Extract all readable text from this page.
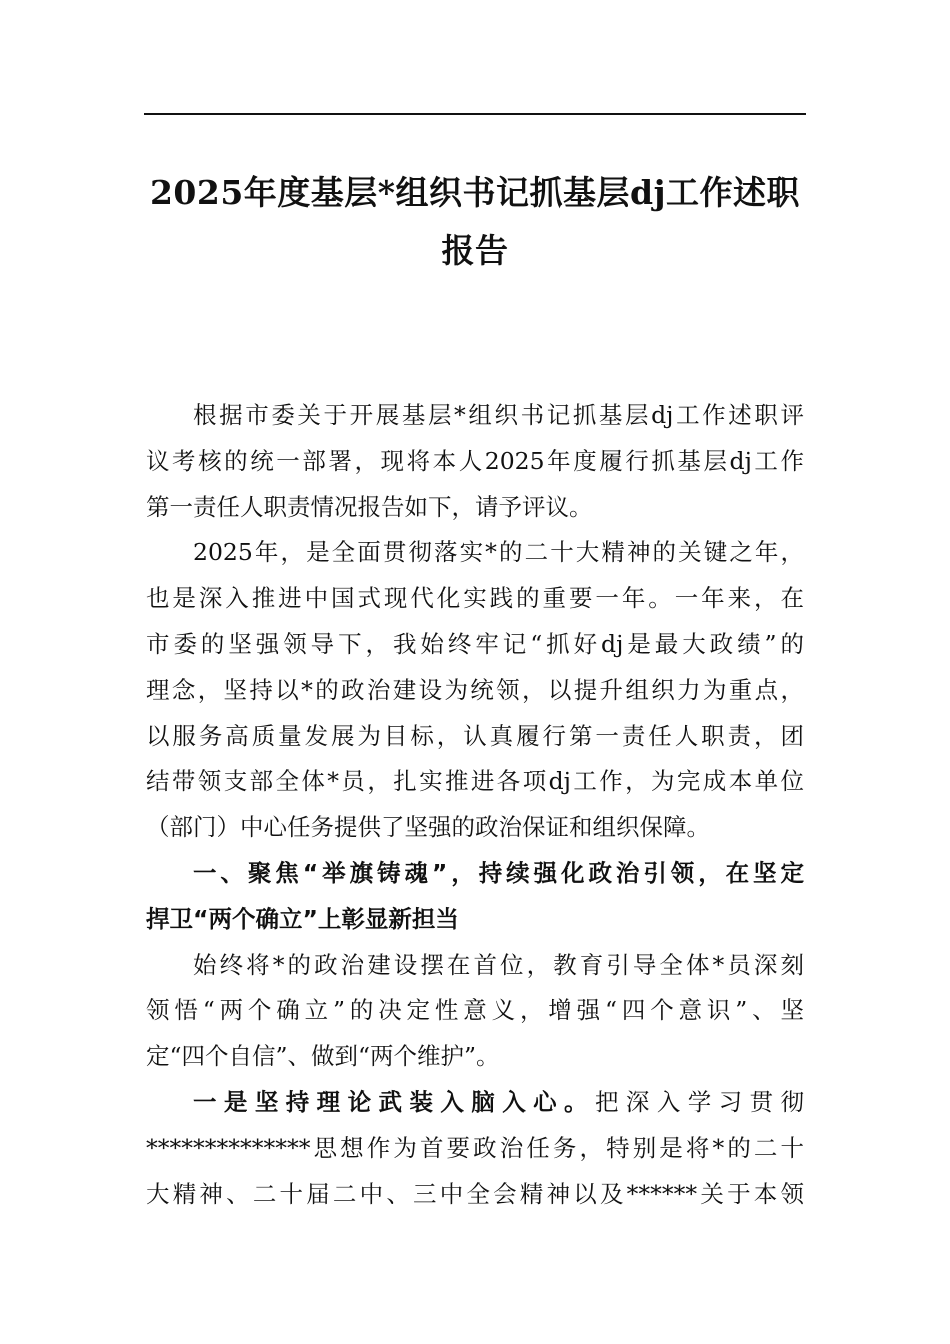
2025年度基层*组织书记抓基层dj工作述职
报告
根据市委关于开展基层*组织书记抓基层dj工作述职评
议考核的统一部署，现将本人2025年度履行抓基层dj工作
第一责任人职责情况报告如下，请予评议。
2025年，是全面贯彻落实*的二十大精神的关键之年，
也是深入推进中国式现代化实践的重要一年。一年来，在
市委的坚强领导下，我始终牢记“抓好dj是最大政绩”的
理念，坚持以*的政治建设为统领，以提升组织力为重点，
以服务高质量发展为目标，认真履行第一责任人职责，团
结带领支部全体*员，扎实推进各项dj工作，为完成本单位
（部门）中心任务提供了坚强的政治保证和组织保障。
一、聚焦“举旗铸魂”，持续强化政治引领，在坚定
捍卫“两个确立”上彰显新担当
始终将*的政治建设摆在首位，教育引导全体*员深刻
领悟“两个确立”的决定性意义，增强“四个意识”、坚
定“四个自信”、做到“两个维护”。
一是坚持理论武装入脑入心。把深入学习贯彻
**************思想作为首要政治任务，特别是将*的二十
大精神、二十届二中、三中全会精神以及******关于本领
